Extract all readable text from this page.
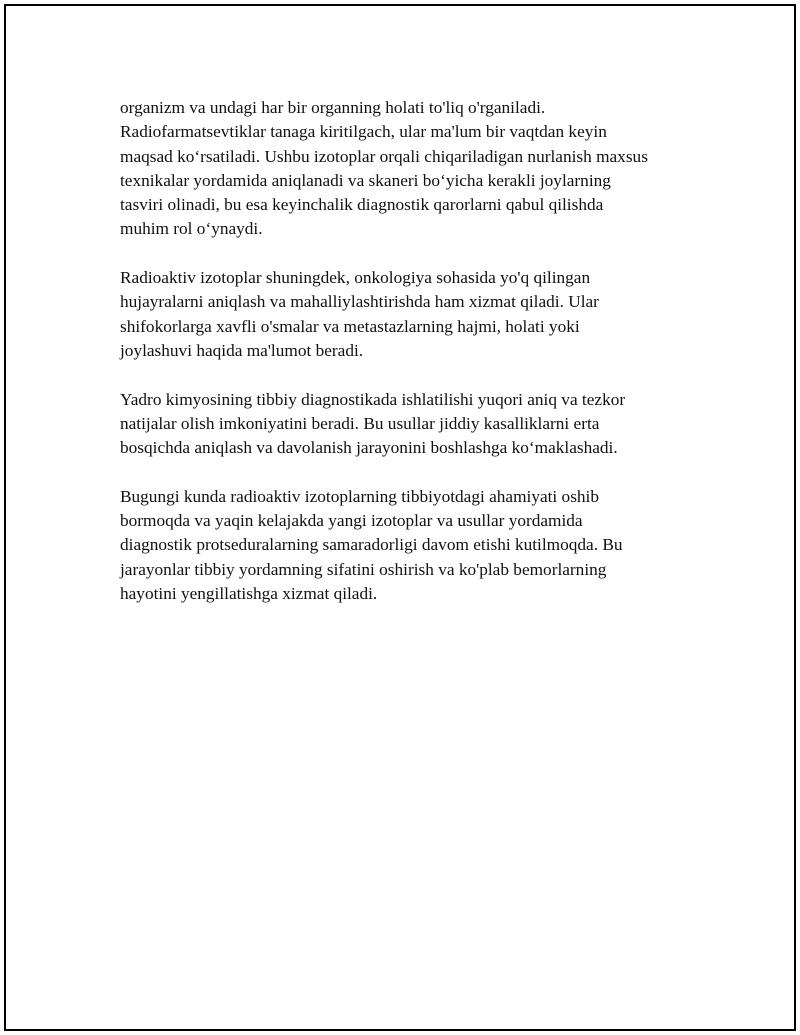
organizm va undagi har bir organning holati to'liq o'rganiladi.
Radiofarmatsevtiklar tanaga kiritilgach, ular ma'lum bir vaqtdan keyin
maqsad ko‘rsatiladi. Ushbu izotoplar orqali chiqariladigan nurlanish maxsus
texnikalar yordamida aniqlanadi va skaneri bo‘yicha kerakli joylarning
tasviri olinadi, bu esa keyinchalik diagnostik qarorlarni qabul qilishda
muhim rol o‘ynaydi.

Radioaktiv izotoplar shuningdek, onkologiya sohasida yo'q qilingan
hujayralarni aniqlash va mahalliylashtirishda ham xizmat qiladi. Ular
shifokorlarga xavfli o'smalar va metastazlarning hajmi, holati yoki
joylashuvi haqida ma'lumot beradi.

Yadro kimyosining tibbiy diagnostikada ishlatilishi yuqori aniq va tezkor
natijalar olish imkoniyatini beradi. Bu usullar jiddiy kasalliklarni erta
bosqichda aniqlash va davolanish jarayonini boshlashga ko‘maklashadi.

Bugungi kunda radioaktiv izotoplarning tibbiyotdagi ahamiyati oshib
bormoqda va yaqin kelajakda yangi izotoplar va usullar yordamida
diagnostik protseduralarning samaradorligi davom etishi kutilmoqda. Bu
jarayonlar tibbiy yordamning sifatini oshirish va ko'plab bemorlarning
hayotini yengillatishga xizmat qiladi.
